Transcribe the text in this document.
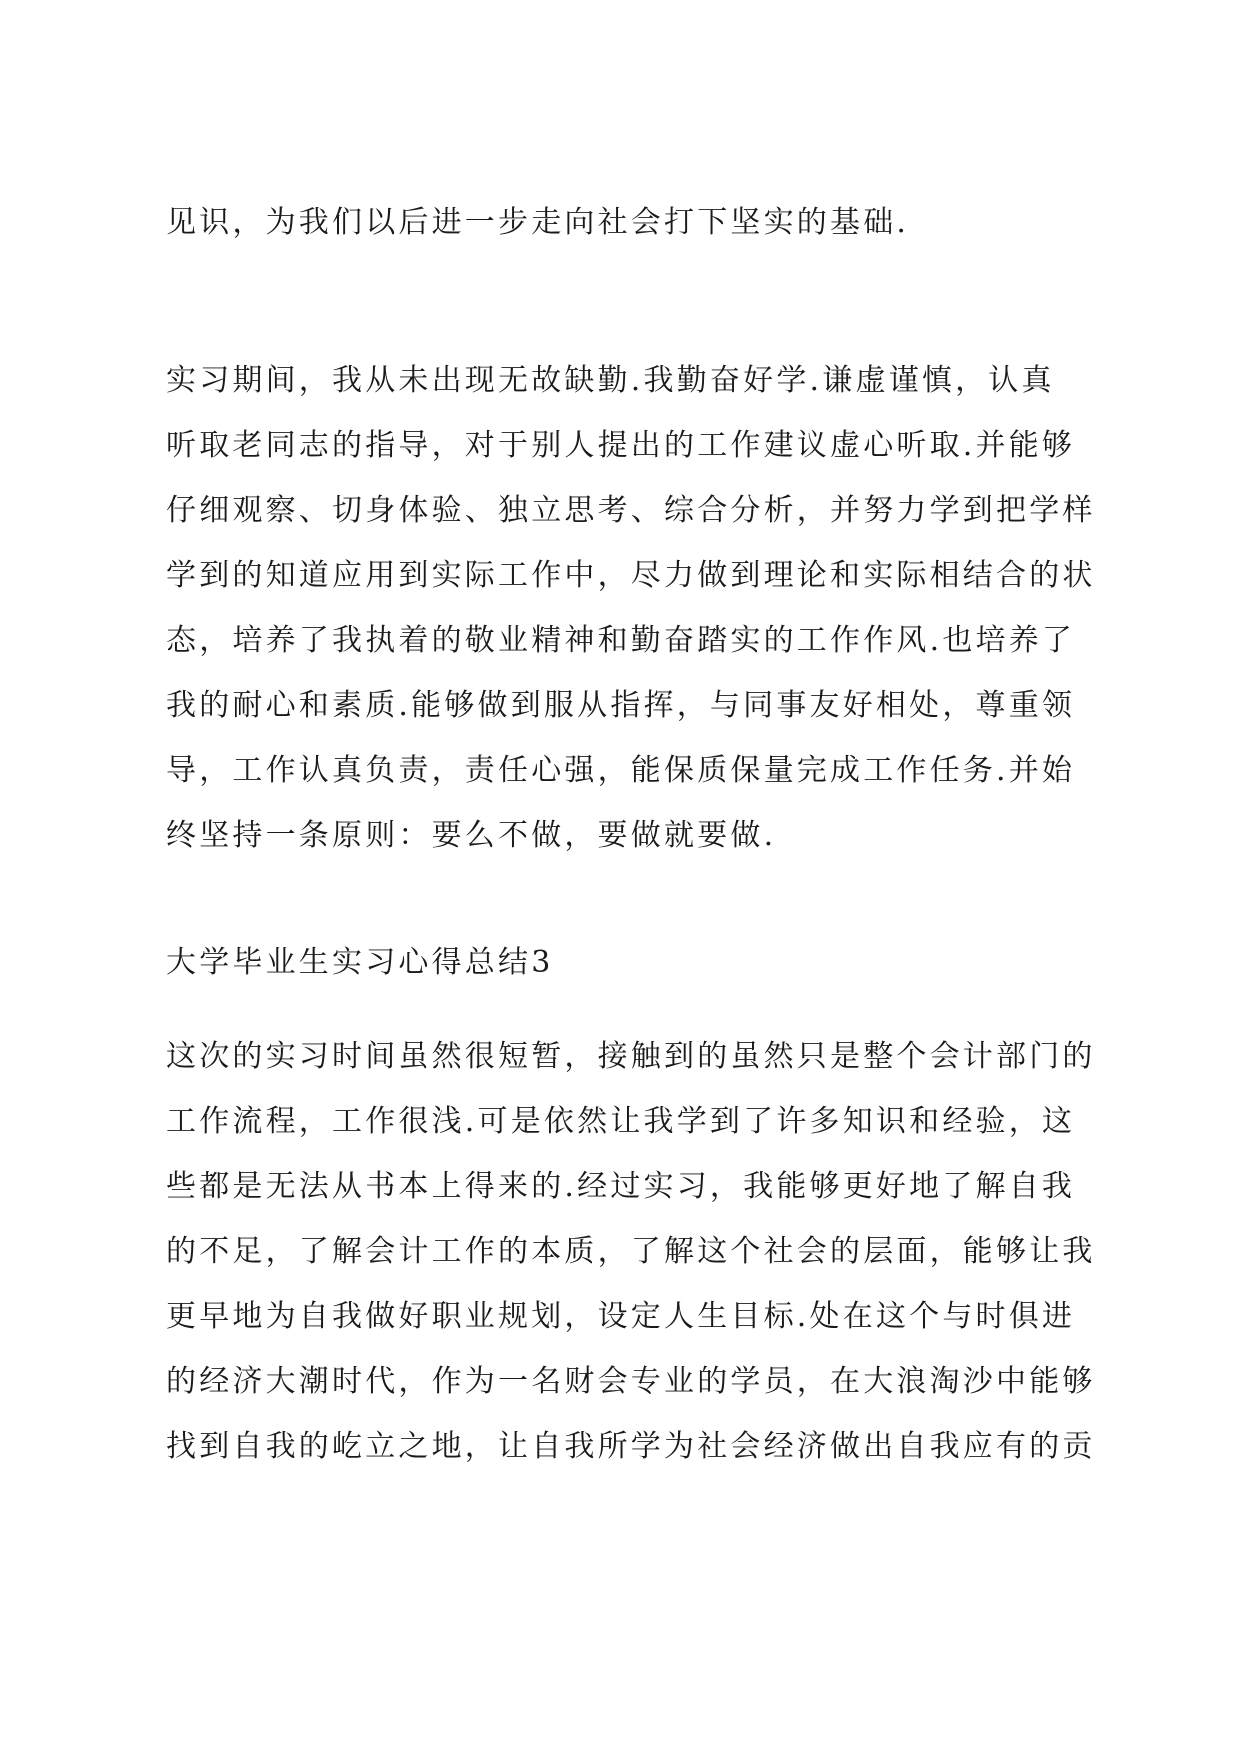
见识，为我们以后进一步走向社会打下坚实的基础.
实习期间，我从未出现无故缺勤.我勤奋好学.谦虚谨慎，认真
听取老同志的指导，对于别人提出的工作建议虚心听取.并能够
仔细观察、切身体验、独立思考、综合分析，并努力学到把学样
学到的知道应用到实际工作中，尽力做到理论和实际相结合的状
态，培养了我执着的敬业精神和勤奋踏实的工作作风.也培养了
我的耐心和素质.能够做到服从指挥，与同事友好相处，尊重领
导，工作认真负责，责任心强，能保质保量完成工作任务.并始
终坚持一条原则：要么不做，要做就要做.
大学毕业生实习心得总结3
这次的实习时间虽然很短暂，接触到的虽然只是整个会计部门的
工作流程，工作很浅.可是依然让我学到了许多知识和经验，这
些都是无法从书本上得来的.经过实习，我能够更好地了解自我
的不足，了解会计工作的本质，了解这个社会的层面，能够让我
更早地为自我做好职业规划，设定人生目标.处在这个与时俱进
的经济大潮时代，作为一名财会专业的学员，在大浪淘沙中能够
找到自我的屹立之地，让自我所学为社会经济做出自我应有的贡
